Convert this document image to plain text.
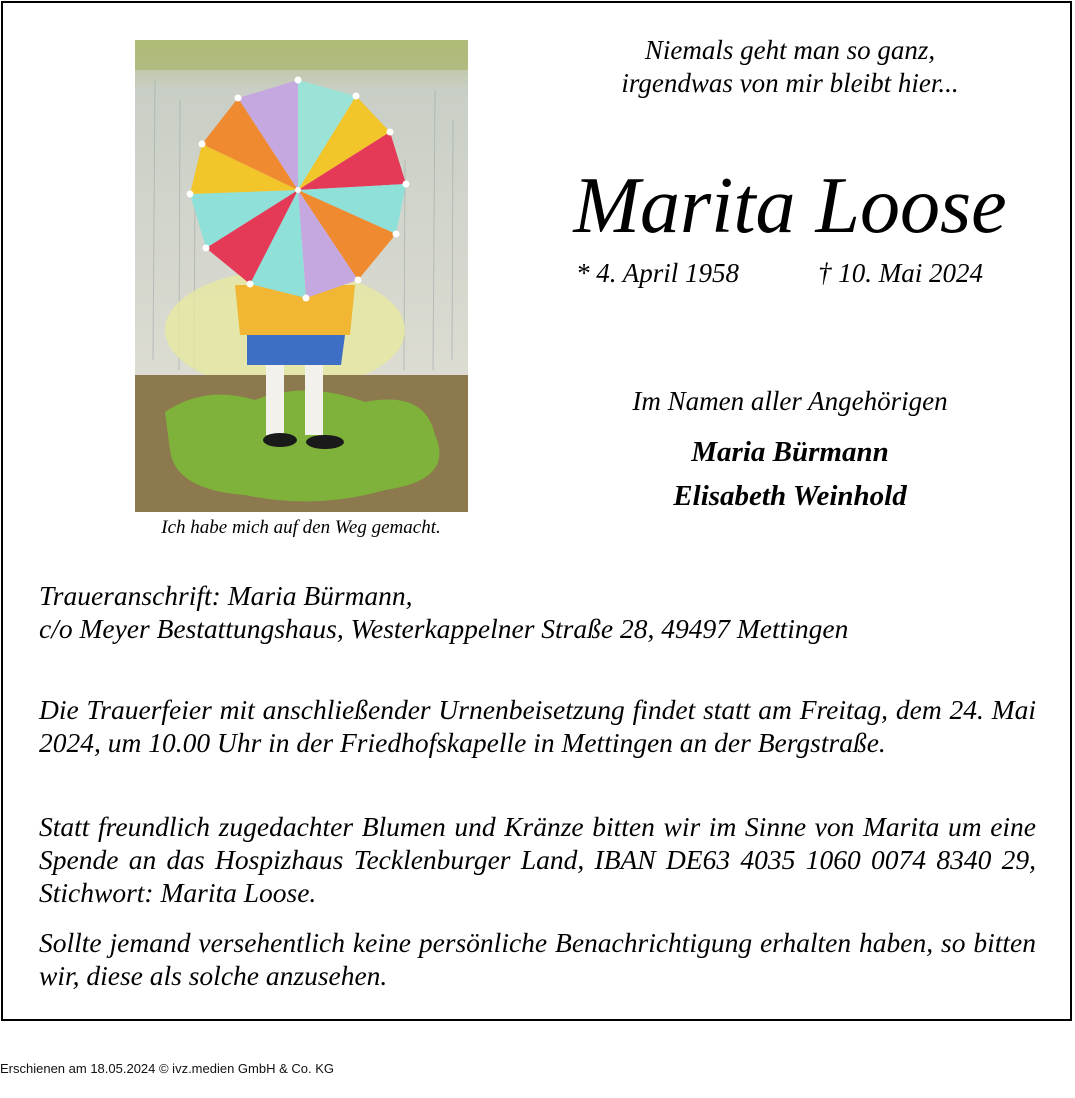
Ich habe mich auf den Weg gemacht.
Niemals geht man so ganz,
irgendwas von mir bleibt hier...
Marita Loose
* 4. April 1958	† 10. Mai 2024
Im Namen aller Angehörigen
Maria Bürmann
Elisabeth Weinhold
Traueranschrift: Maria Bürmann,
c/o Meyer Bestattungshaus, Westerkappelner Straße 28, 49497 Mettingen
Die Trauerfeier mit anschließender Urnenbeisetzung findet statt am Freitag, dem 24. Mai 2024, um 10.00 Uhr in der Friedhofskapelle in Mettingen an der Bergstraße.
Statt freundlich zugedachter Blumen und Kränze bitten wir im Sinne von Marita um eine Spende an das Hospizhaus Tecklenburger Land, IBAN DE63 4035 1060 0074 8340 29, Stichwort: Marita Loose.
Sollte jemand versehentlich keine persönliche Benachrichtigung erhalten haben, so bitten wir, diese als solche anzusehen.
Erschienen am 18.05.2024 © ivz.medien GmbH & Co. KG
